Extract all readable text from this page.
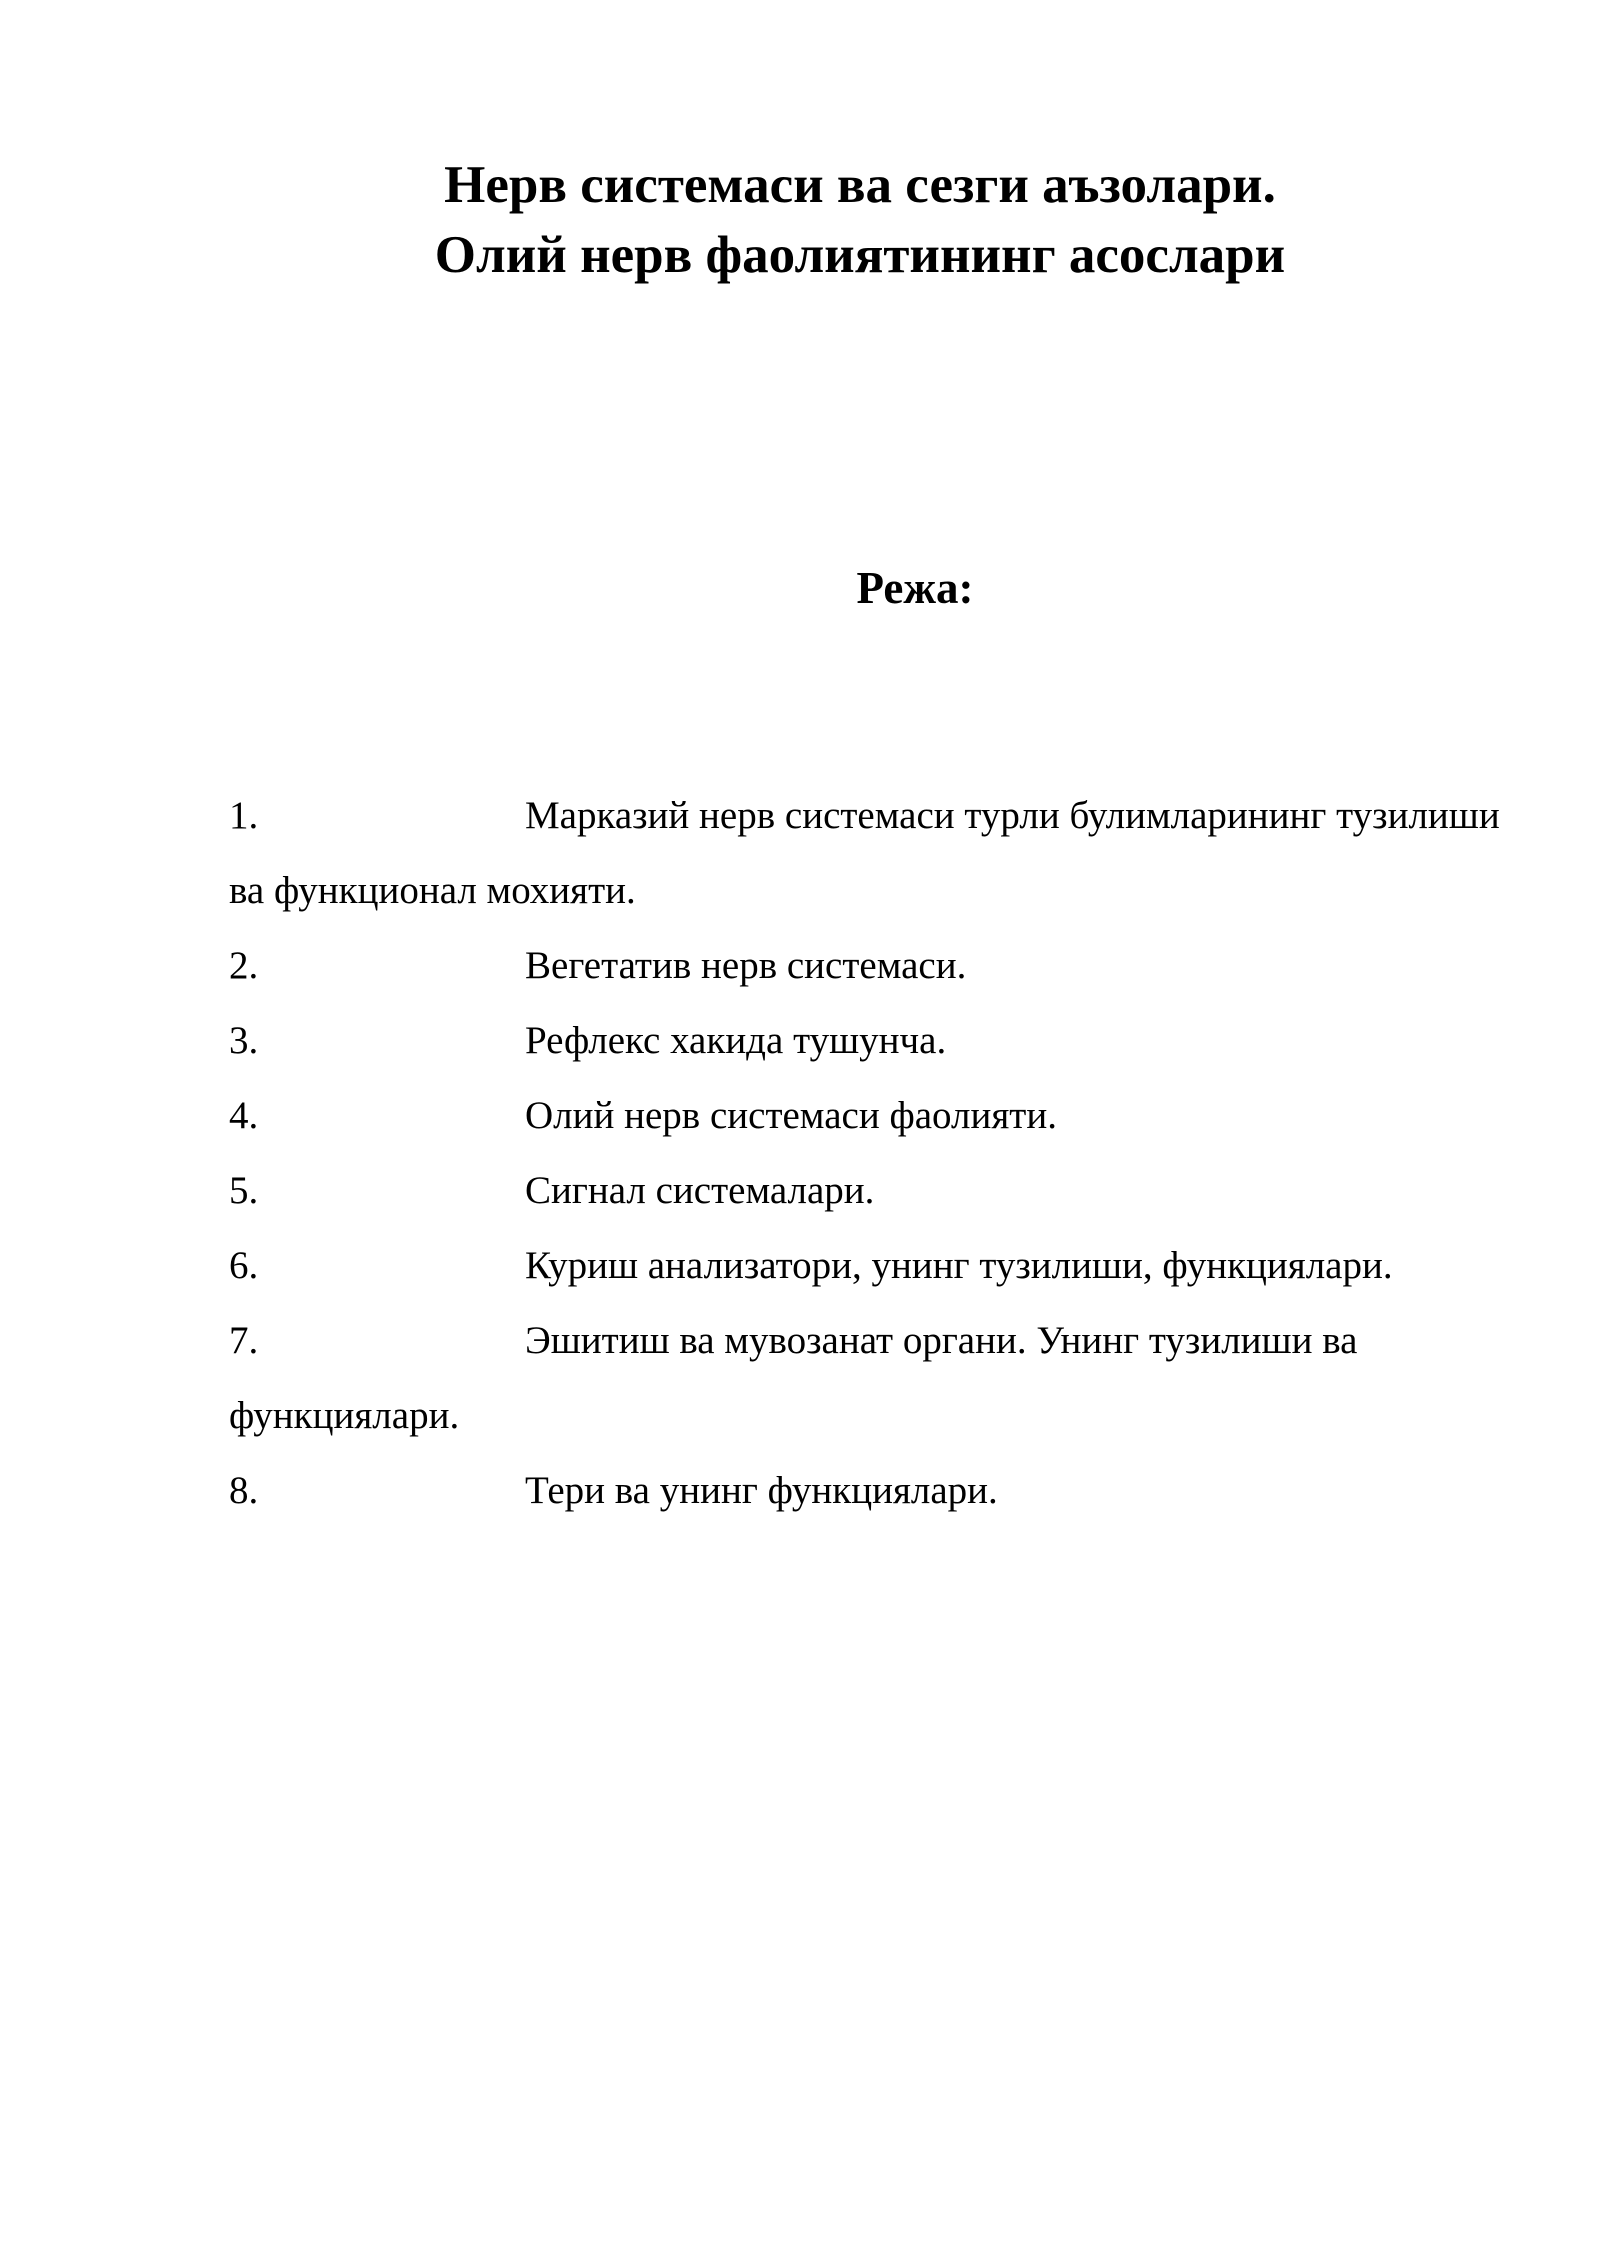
Нерв системаси ва сезги аъзолари.
Олий нерв фаолиятининг асослари
Режа:
1.	Марказий нерв системаси турли булимларининг тузилиши ва функционал мохияти.
2.	Вегетатив нерв системаси.
3.	Рефлекс хакида тушунча.
4.	Олий нерв системаси фаолияти.
5.	Сигнал системалари.
6.	Куриш анализатори, унинг тузилиши, функциялари.
7.	Эшитиш ва мувозанат органи. Унинг тузилиши ва функциялари.
8.	Тери ва унинг функциялари.
